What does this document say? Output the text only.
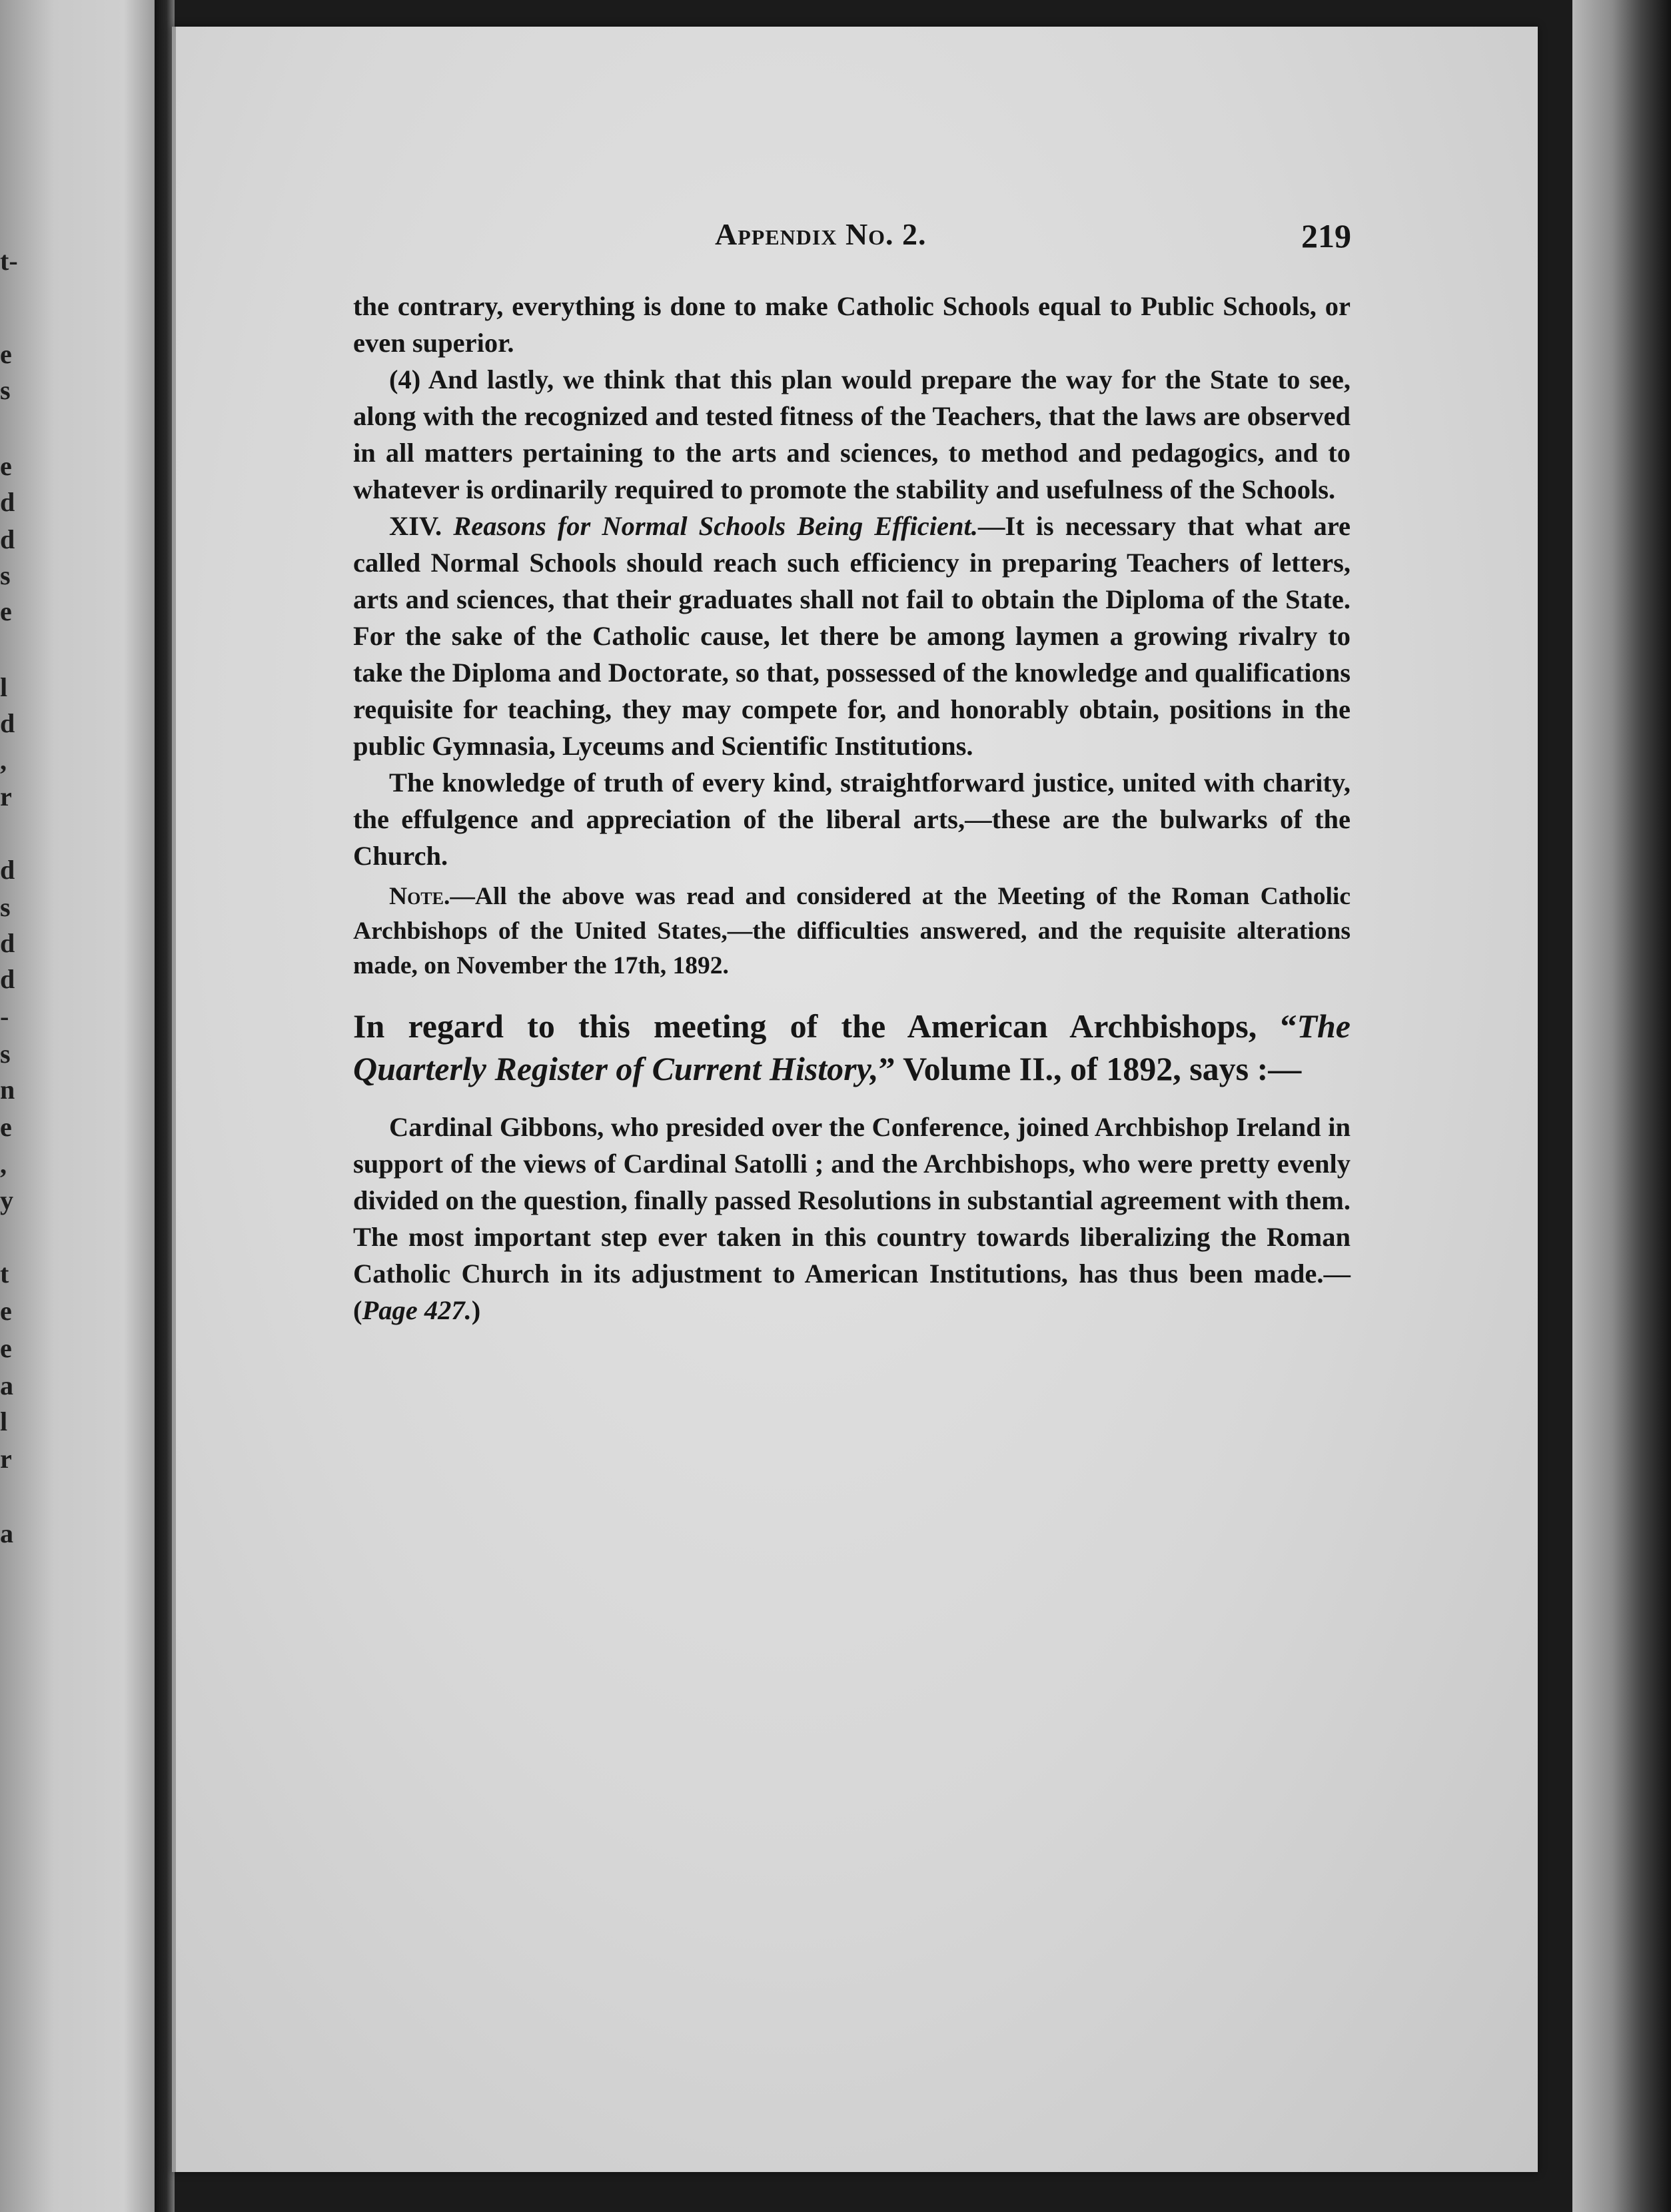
t-
e
s
e
d
d
s
e
l
d
,
r
d
s
d
d
-
s
n
e
,
y
t
e
e
a
l
r
a
Appendix No. 2.	219

the contrary, everything is done to make Catholic Schools equal to Public Schools, or even superior.

(4) And lastly, we think that this plan would prepare the way for the State to see, along with the recognized and tested fitness of the Teachers, that the laws are observed in all matters pertaining to the arts and sciences, to method and pedagogics, and to whatever is ordinarily required to promote the stability and usefulness of the Schools.

XIV. Reasons for Normal Schools Being Efficient.—It is necessary that what are called Normal Schools should reach such efficiency in preparing Teachers of letters, arts and sciences, that their graduates shall not fail to obtain the Diploma of the State. For the sake of the Catholic cause, let there be among laymen a growing rivalry to take the Diploma and Doctorate, so that, possessed of the knowledge and qualifications requisite for teaching, they may compete for, and honorably obtain, positions in the public Gymnasia, Lyceums and Scientific Institutions.

The knowledge of truth of every kind, straightforward justice, united with charity, the effulgence and appreciation of the liberal arts,—these are the bulwarks of the Church.

Note.—All the above was read and considered at the Meeting of the Roman Catholic Archbishops of the United States,—the difficulties answered, and the requisite alterations made, on November the 17th, 1892.

In regard to this meeting of the American Archbishops, “The Quarterly Register of Current History,” Volume II., of 1892, says :—

Cardinal Gibbons, who presided over the Conference, joined Archbishop Ireland in support of the views of Cardinal Satolli ; and the Archbishops, who were pretty evenly divided on the question, finally passed Resolutions in substantial agreement with them. The most important step ever taken in this country towards liberalizing the Roman Catholic Church in its adjustment to American Institutions, has thus been made.—(Page 427.)
